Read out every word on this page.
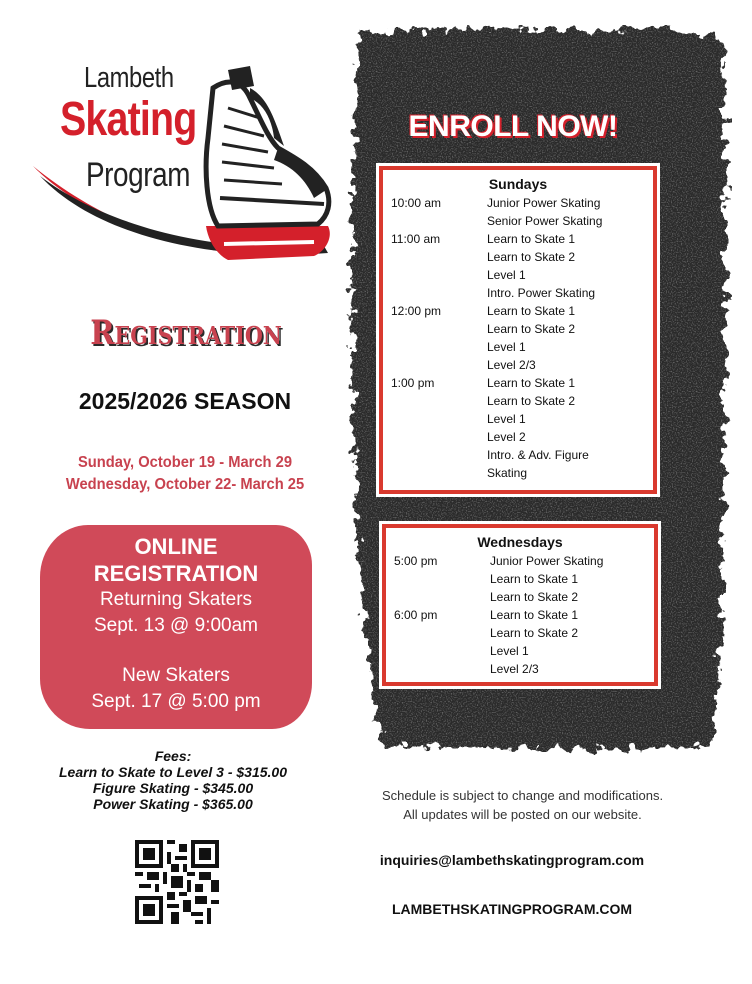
Lambeth
Skating
Program
Registration
2025/2026 SEASON
Sunday, October 19 - March 29
Wednesday, October 22- March 25
ONLINE
REGISTRATION
Returning Skaters
Sept. 13 @ 9:00am
New Skaters
Sept. 17 @ 5:00 pm
Fees:
Learn to Skate to Level 3 - $315.00
Figure Skating - $345.00
Power Skating - $365.00
ENROLL NOW!
Sundays
10:00 am	Junior Power Skating
Senior Power Skating
11:00 am	Learn to Skate 1
Learn to Skate 2
Level 1
Intro. Power Skating
12:00 pm	Learn to Skate 1
Learn to Skate 2
Level 1
Level 2/3
1:00 pm	Learn to Skate 1
Learn to Skate 2
Level 1
Level 2
Intro. & Adv. Figure
Skating
Wednesdays
5:00 pm	Junior Power Skating
Learn to Skate 1
Learn to Skate 2
6:00 pm	Learn to Skate 1
Learn to Skate 2
Level 1
Level 2/3
Schedule is subject to change and modifications.
All updates will be posted on our website.
inquiries@lambethskatingprogram.com
LAMBETHSKATINGPROGRAM.COM
